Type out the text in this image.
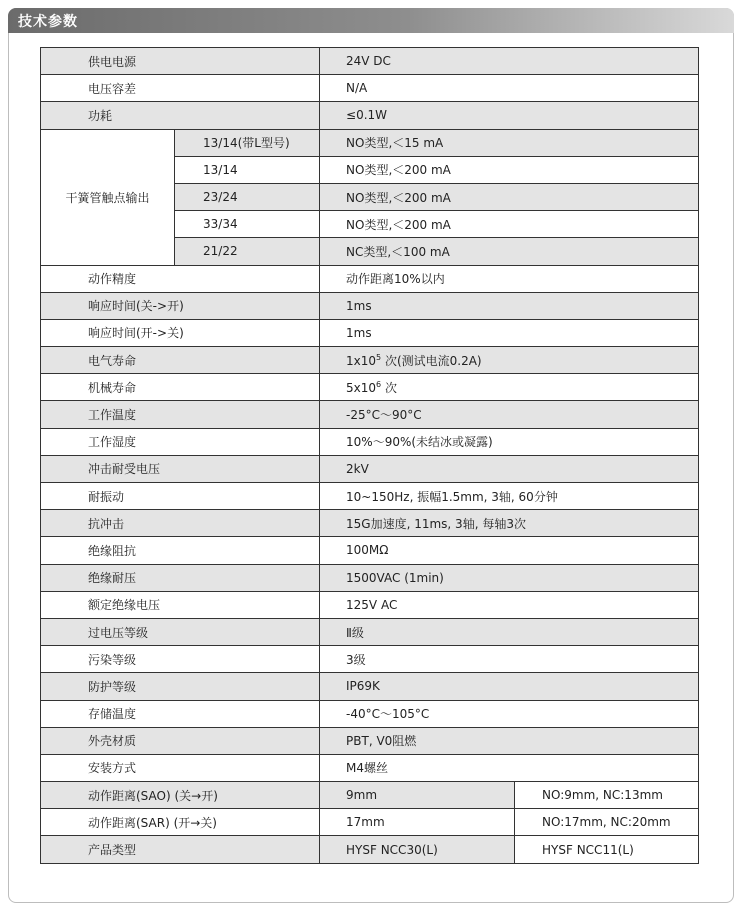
技术参数
供电电源		24V DC	
电压容差		N/A	
功耗		≤0.1W	
干簧管触点输出	13/14(带L型号)	NO类型,＜15 mA	
	13/14	NO类型,＜200 mA	
	23/24	NO类型,＜200 mA	
	33/34	NO类型,＜200 mA	
	21/22	NC类型,＜100 mA	
动作精度		动作距离10%以内	
响应时间(关->开)		1ms	
响应时间(开->关)		1ms	
电气寿命		$1x10^5$ 次(测试电流0.2A)	
机械寿命		$5x10^6$ 次	
工作温度		-25°C～90°C	
工作湿度		10%～90%(未结冰或凝露)	
冲击耐受电压		2kV	
耐振动		10~150Hz, 振幅1.5mm, 3轴, 60分钟	
抗冲击		15G加速度, 11ms, 3轴, 每轴3次	
绝缘阻抗		100MΩ	
绝缘耐压		1500VAC (1min)	
额定绝缘电压		125V AC	
过电压等级		Ⅱ级	
污染等级		3级	
防护等级		IP69K	
存储温度		-40°C～105°C	
外壳材质		PBT, V0阻燃	
安装方式		M4螺丝	
动作距离(SAO) (关→开)		9mm	NO:9mm, NC:13mm
动作距离(SAR) (开→关)		17mm	NO:17mm, NC:20mm
产品类型		HYSF NCC30(L)	HYSF NCC11(L)
